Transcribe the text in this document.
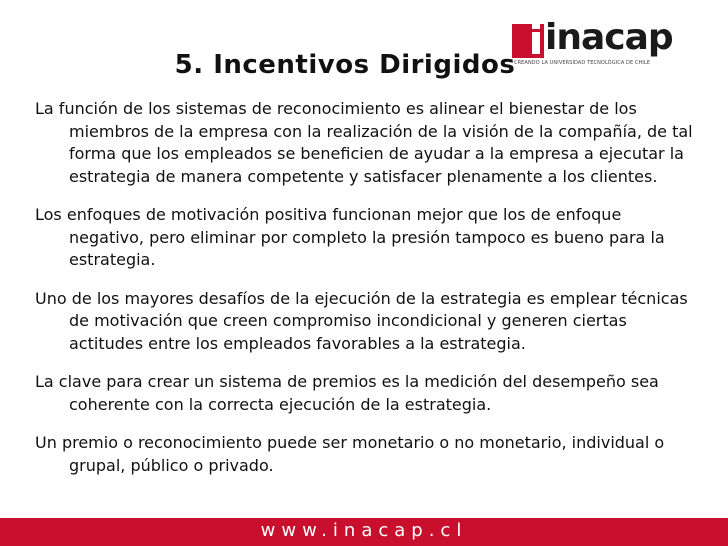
inacap
CREANDO LA UNIVERSIDAD TECNOLÓGICA DE CHILE
5. Incentivos Dirigidos

La función de los sistemas de reconocimiento es alinear el bienestar de los miembros de la empresa con la realización de la visión de la compañía, de tal forma que los empleados se beneficien de ayudar a la empresa a ejecutar la estrategia de manera competente y satisfacer plenamente a los clientes.

Los enfoques de motivación positiva funcionan mejor que los de enfoque negativo, pero eliminar por completo la presión tampoco es bueno para la estrategia.

Uno de los mayores desafíos de la ejecución de la estrategia es emplear técnicas de motivación que creen compromiso incondicional y generen ciertas actitudes entre los empleados favorables a la estrategia.

La clave para crear un sistema de premios es la medición del desempeño sea coherente con la correcta ejecución de la estrategia.

Un premio o reconocimiento puede ser monetario o no monetario, individual o grupal, público o privado.

www.inacap.cl
